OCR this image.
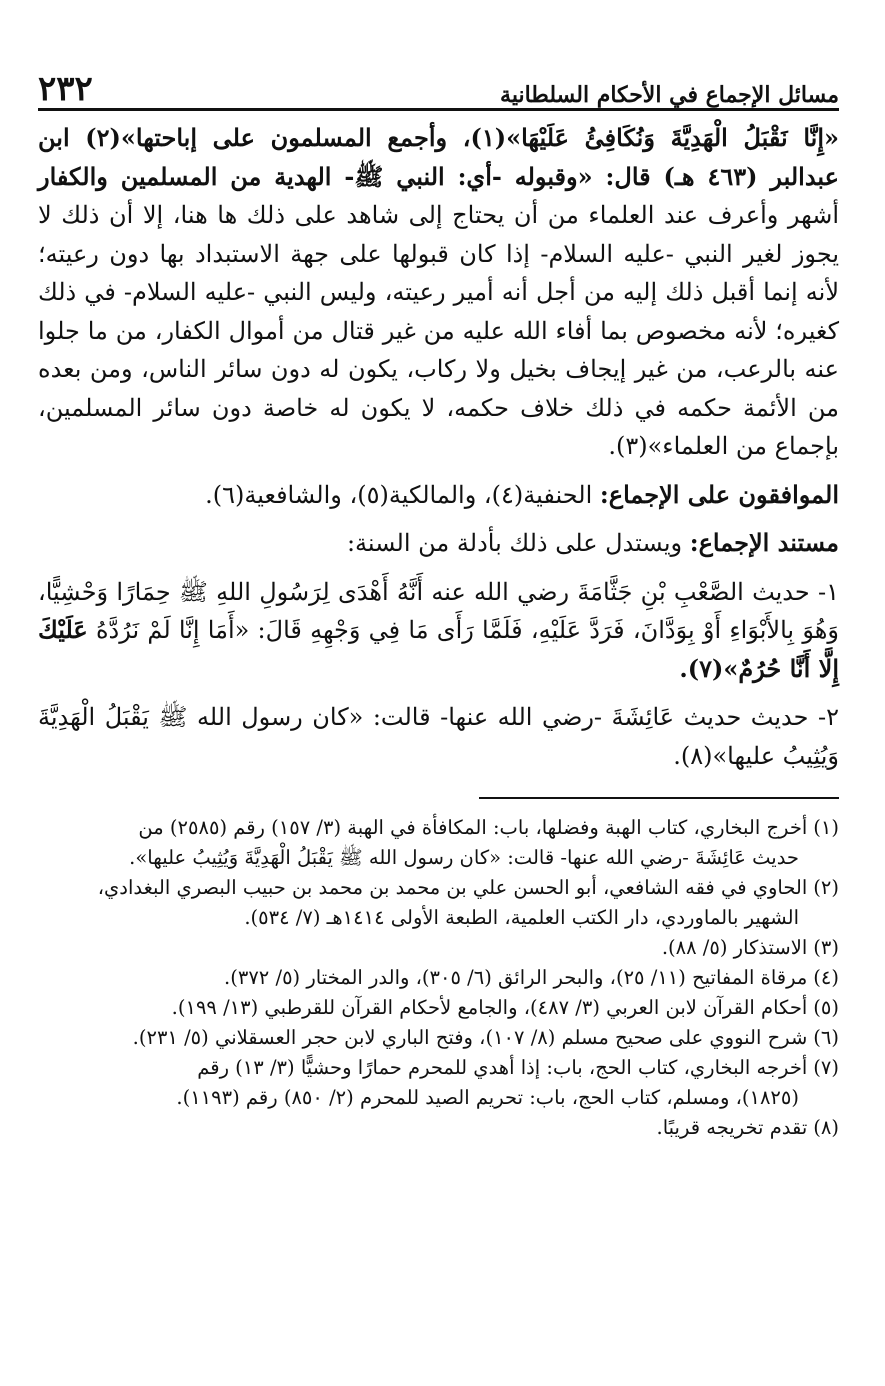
مسائل الإجماع في الأحكام السلطانية
٢٣٢

«إِنَّا نَقْبَلُ الْهَدِيَّةَ وَنُكَافِئُ عَلَيْهَا»(١)، وأجمع المسلمون على إباحتها»(٢) ابن عبدالبر (٤٦٣ هـ) قال: «وقبوله -أي: النبي ﷺ- الهدية من المسلمين والكفار أشهر وأعرف عند العلماء من أن يحتاج إلى شاهد على ذلك ها هنا، إلا أن ذلك لا يجوز لغير النبي -عليه السلام- إذا كان قبولها على جهة الاستبداد بها دون رعيته؛ لأنه إنما أقبل ذلك إليه من أجل أنه أمير رعيته، وليس النبي -عليه السلام- في ذلك كغيره؛ لأنه مخصوص بما أفاء الله عليه من غير قتال من أموال الكفار، من ما جلوا عنه بالرعب، من غير إيجاف بخيل ولا ركاب، يكون له دون سائر الناس، ومن بعده من الأئمة حكمه في ذلك خلاف حكمه، لا يكون له خاصة دون سائر المسلمين، بإجماع من العلماء»(٣).

الموافقون على الإجماع: الحنفية(٤)، والمالكية(٥)، والشافعية(٦).

مستند الإجماع: ويستدل على ذلك بأدلة من السنة:

١- حديث الصَّعْبِ بْنِ جَثَّامَةَ رضي الله عنه أَنَّهُ أَهْدَى لِرَسُولِ اللهِ ﷺ حِمَارًا وَحْشِيًّا، وَهُوَ بِالأَبْوَاءِ أَوْ بِوَدَّانَ، فَرَدَّ عَلَيْهِ، فَلَمَّا رَأَى مَا فِي وَجْهِهِ قَالَ: «أَمَا إِنَّا لَمْ نَرُدَّهُ عَلَيْكَ إِلَّا أَنَّا حُرُمٌ»(٧).

٢- حديث حديث عَائِشَةَ -رضي الله عنها- قالت: «كان رسول الله ﷺ يَقْبَلُ الْهَدِيَّةَ وَيُثِيبُ عليها»(٨).

(١)أخرج البخاري، كتاب الهبة وفضلها، باب: المكافأة في الهبة (٣/ ١٥٧) رقم (٢٥٨٥) من
حديث عَائِشَةَ -رضي الله عنها- قالت: «كان رسول الله ﷺ يَقْبَلُ الْهَدِيَّةَ وَيُثِيبُ عليها».

(٢)الحاوي في فقه الشافعي، أبو الحسن علي بن محمد بن محمد بن حبيب البصري البغدادي،
الشهير بالماوردي، دار الكتب العلمية، الطبعة الأولى ١٤١٤هـ (٧/ ٥٣٤).

(٣)الاستذكار (٥/ ٨٨).

(٤)مرقاة المفاتيح (١١/ ٢٥)، والبحر الرائق (٦/ ٣٠٥)، والدر المختار (٥/ ٣٧٢).

(٥)أحكام القرآن لابن العربي (٣/ ٤٨٧)، والجامع لأحكام القرآن للقرطبي (١٣/ ١٩٩).

(٦)شرح النووي على صحيح مسلم (٨/ ١٠٧)، وفتح الباري لابن حجر العسقلاني (٥/ ٢٣١).

(٧)أخرجه البخاري، كتاب الحج، باب: إذا أهدي للمحرم حمارًا وحشيًّا (٣/ ١٣) رقم
(١٨٢٥)، ومسلم، كتاب الحج، باب: تحريم الصيد للمحرم (٢/ ٨٥٠) رقم (١١٩٣).

(٨)تقدم تخريجه قريبًا.
